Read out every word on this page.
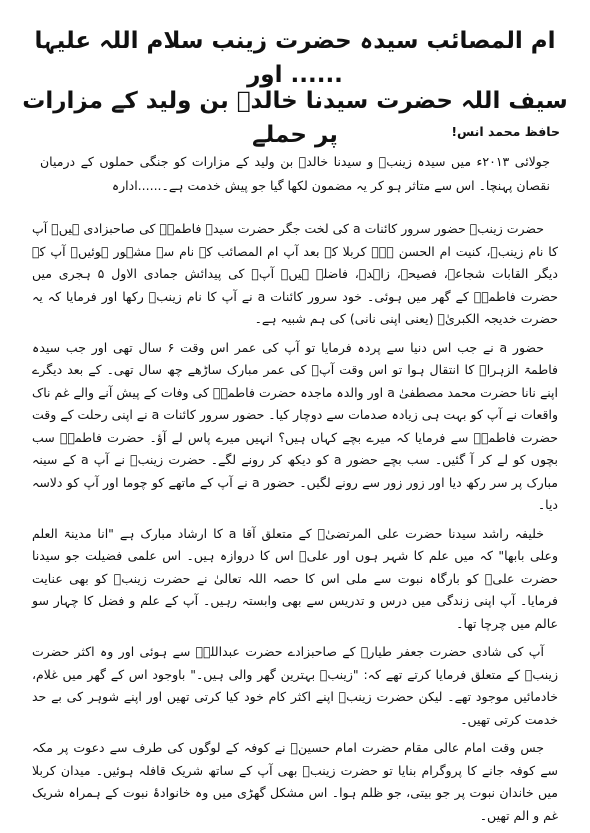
ام المصائب سیدہ حضرت زینب سلام اللہ علیہا ...... اور
سیف اللہ حضرت سیدنا خالدؓ بن ولید کے مزارات پر حملے	حافظ محمد انس!
جولائی ۲۰۱۳ء میں سیدہ زینبؓ و سیدنا خالدؓ بن ولید کے مزارات کو جنگی حملوں کے درمیان نقصان پہنچا۔ اس سے متاثر ہو کر یہ مضمون لکھا گیا جو پیش خدمت ہے۔......ادارہ

حضرت زینبؓ حضور سرور کائنات a کی لخت جگر حضرت سیدہ فاطمہؓ کی صاحبزادی ہیں۔ آپ کا نام زینبؓ، کنیت ام الحسن ہے۔ کربلا کے بعد آپ ام المصائب کے نام سے مشہور ہوئیں۔ آپ کے دیگر القابات شجاعہ، فصیحہ، زاہدہ، فاضلہ ہیں۔ آپؓ کی پیدائش جمادی الاول ۵ ہجری میں حضرت فاطمہؓ کے گھر میں ہوئی۔ خود سرور کائنات a نے آپ کا نام زینبؓ رکھا اور فرمایا کہ یہ حضرت خدیجہ الکبریٰؓ (یعنی اپنی نانی) کی ہم شبیہ ہے۔

حضور a نے جب اس دنیا سے پردہ فرمایا تو آپ کی عمر اس وقت ۶ سال تھی اور جب سیدہ فاطمۃ الزہراؓ کا انتقال ہوا تو اس وقت آپؓ کی عمر مبارک ساڑھے چھ سال تھی۔ کے بعد دیگرے اپنے نانا حضرت محمد مصطفیٰ a اور والدہ ماجدہ حضرت فاطمہؓ کی وفات کے پیش آنے والے غم ناک واقعات نے آپ کو بہت ہی زیادہ صدمات سے دوچار کیا۔ حضور سرور کائنات a نے اپنی رحلت کے وقت حضرت فاطمہؓ سے فرمایا کہ میرے بچے کہاں ہیں؟ انہیں میرے پاس لے آؤ۔ حضرت فاطمہؓ سب بچوں کو لے کر آ گئیں۔ سب بچے حضور a کو دیکھ کر رونے لگے۔ حضرت زینبؓ نے آپ a کے سینہ مبارک پر سر رکھ دیا اور زور زور سے رونے لگیں۔ حضور a نے آپ کے ماتھے کو چوما اور آپ کو دلاسہ دیا۔

خلیفہ راشد سیدنا حضرت علی المرتضیٰؓ کے متعلق آقا a کا ارشاد مبارک ہے "انا مدینۃ العلم وعلی بابھا" کہ میں علم کا شہر ہوں اور علیؓ اس کا دروازہ ہیں۔ اس علمی فضیلت جو سیدنا حضرت علیؓ کو بارگاہ نبوت سے ملی اس کا حصہ اللہ تعالیٰ نے حضرت زینبؓ کو بھی عنایت فرمایا۔ آپ اپنی زندگی میں درس و تدریس سے بھی وابستہ رہیں۔ آپ کے علم و فضل کا چہار سو عالم میں چرچا تھا۔

آپ کی شادی حضرت جعفر طیارؓ کے صاحبزادے حضرت عبداللہؓ سے ہوئی اور وہ اکثر حضرت زینبؓ کے متعلق فرمایا کرتے تھے کہ: "زینبؓ بہترین گھر والی ہیں۔" باوجود اس کے گھر میں غلام، خادمائیں موجود تھے۔ لیکن حضرت زینبؓ اپنے اکثر کام خود کیا کرتی تھیں اور اپنے شوہر کی بے حد خدمت کرتی تھیں۔

جس وقت امام عالی مقام حضرت امام حسینؓ نے کوفہ کے لوگوں کی طرف سے دعوت پر مکہ سے کوفہ جانے کا پروگرام بنایا تو حضرت زینبؓ بھی آپ کے ساتھ شریک قافلہ ہوئیں۔ میدان کربلا میں خاندان نبوت پر جو بیتی، جو ظلم ہوا۔ اس مشکل گھڑی میں وہ خانوادۂ نبوت کے ہمراہ شریک غم و الم تھیں۔
